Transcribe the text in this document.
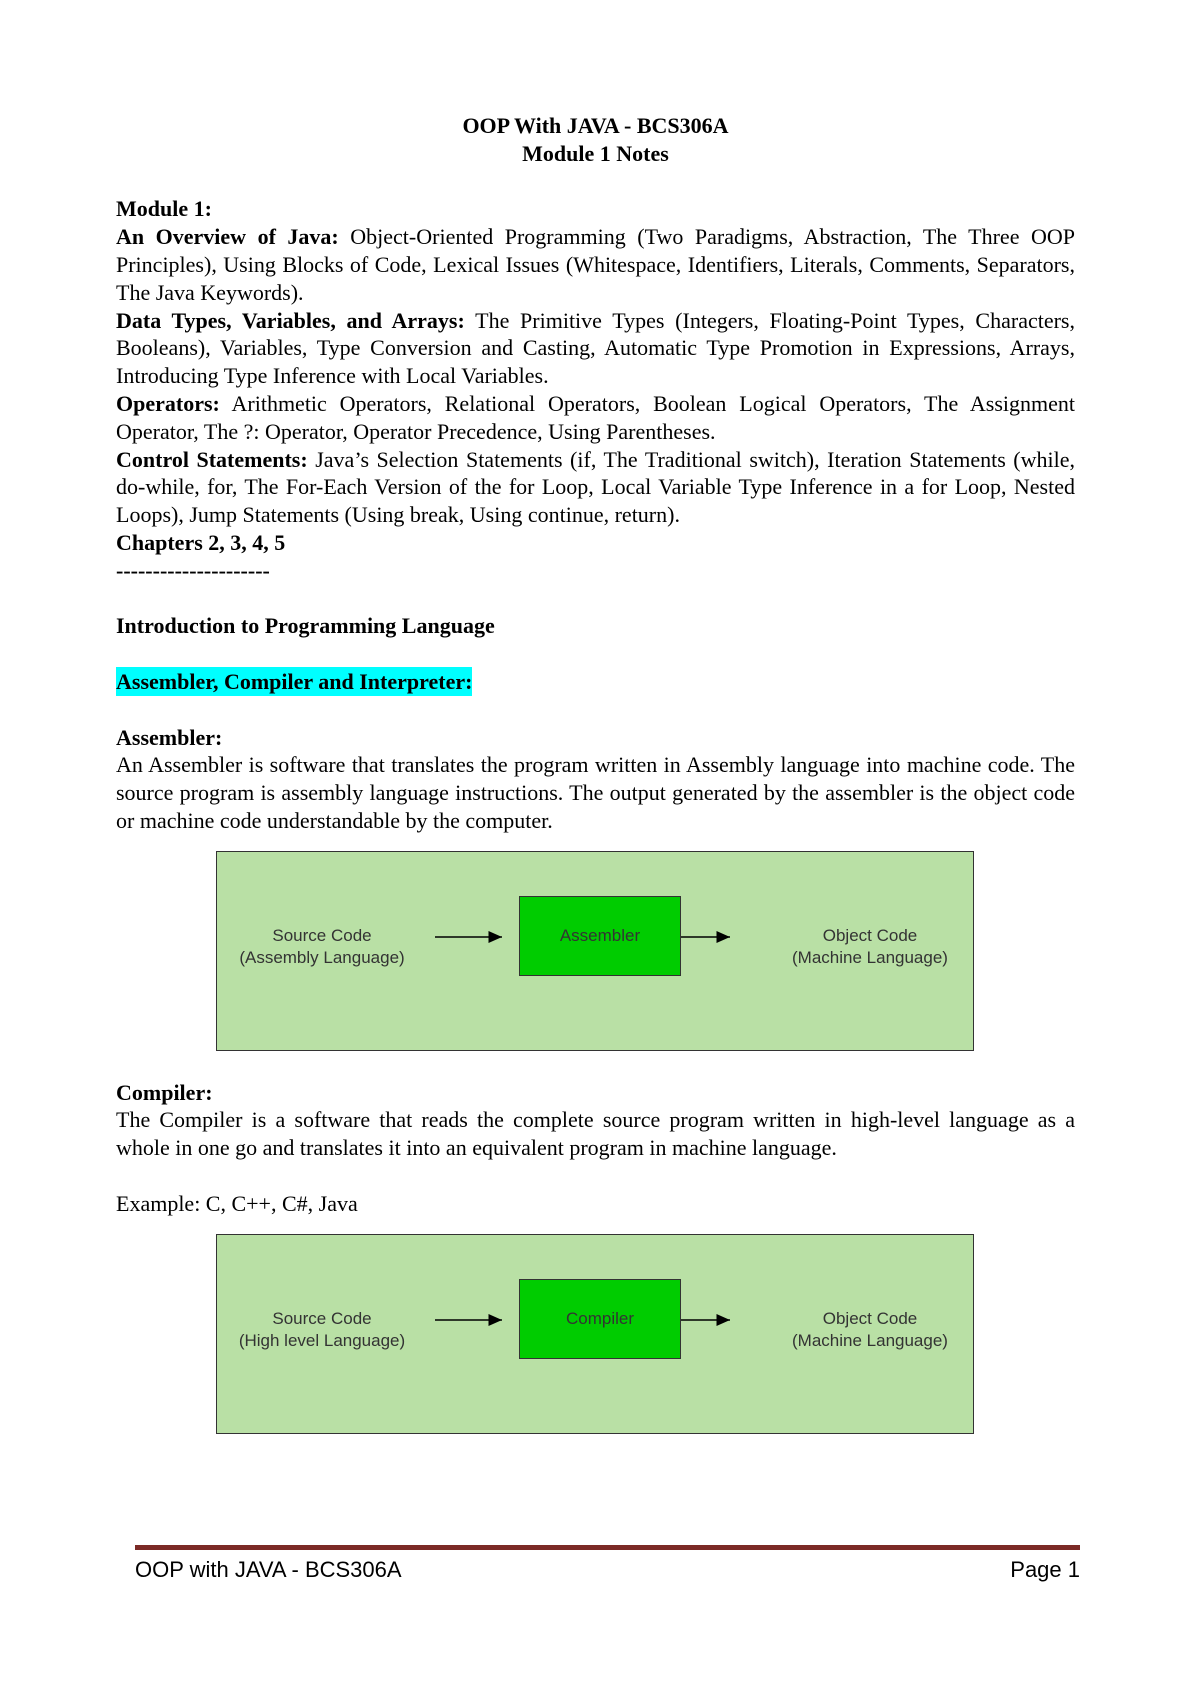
OOP With JAVA - BCS306A
Module 1 Notes
Module 1:
An Overview of Java: Object-Oriented Programming (Two Paradigms, Abstraction, The Three OOP Principles), Using Blocks of Code, Lexical Issues (Whitespace, Identifiers, Literals, Comments, Separators, The Java Keywords).
Data Types, Variables, and Arrays: The Primitive Types (Integers, Floating-Point Types, Characters, Booleans), Variables, Type Conversion and Casting, Automatic Type Promotion in Expressions, Arrays, Introducing Type Inference with Local Variables.
Operators: Arithmetic Operators, Relational Operators, Boolean Logical Operators, The Assignment Operator, The ?: Operator, Operator Precedence, Using Parentheses.
Control Statements: Java’s Selection Statements (if, The Traditional switch), Iteration Statements (while, do-while, for, The For-Each Version of the for Loop, Local Variable Type Inference in a for Loop, Nested Loops), Jump Statements (Using break, Using continue, return).
Chapters 2, 3, 4, 5
---------------------
Introduction to Programming Language
Assembler, Compiler and Interpreter:
Assembler:
An Assembler is software that translates the program written in Assembly language into machine code. The source program is assembly language instructions. The output generated by the assembler is the object code or machine code understandable by the computer.
Source Code
(Assembly Language)
Assembler	Object Code
(Machine Language)
Compiler:
The Compiler is a software that reads the complete source program written in high-level language as a whole in one go and translates it into an equivalent program in machine language.
Example: C, C++, C#, Java
Source Code
(High level Language)
Compiler	Object Code
(Machine Language)
OOP with JAVA - BCS306A	Page 1
